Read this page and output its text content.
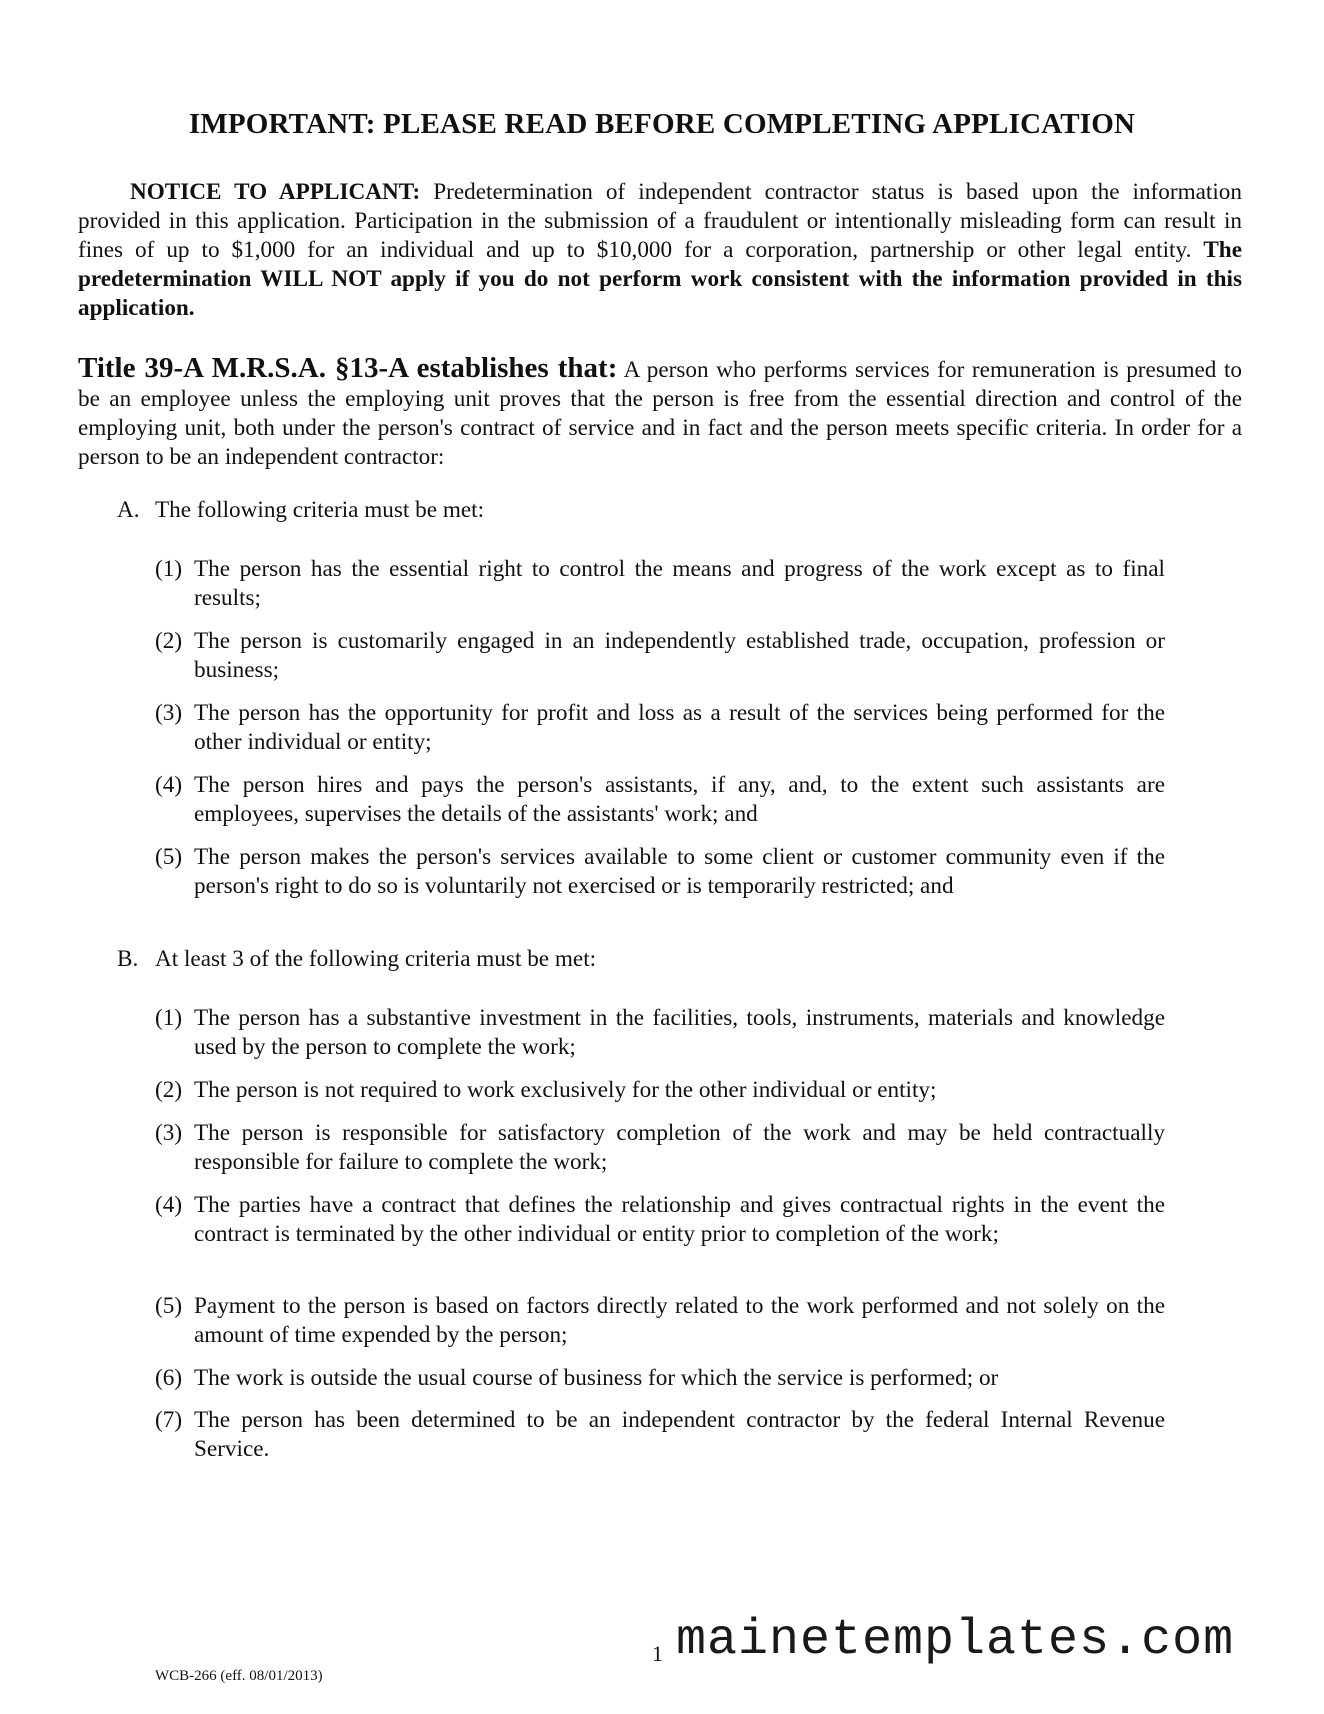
IMPORTANT: PLEASE READ BEFORE COMPLETING APPLICATION
NOTICE TO APPLICANT: Predetermination of independent contractor status is based upon the information provided in this application. Participation in the submission of a fraudulent or intentionally misleading form can result in fines of up to $1,000 for an individual and up to $10,000 for a corporation, partnership or other legal entity. The predetermination WILL NOT apply if you do not perform work consistent with the information provided in this application.
Title 39-A M.R.S.A. §13-A establishes that: A person who performs services for remuneration is presumed to be an employee unless the employing unit proves that the person is free from the essential direction and control of the employing unit, both under the person's contract of service and in fact and the person meets specific criteria. In order for a person to be an independent contractor:
A. The following criteria must be met:
(1) The person has the essential right to control the means and progress of the work except as to final results;
(2) The person is customarily engaged in an independently established trade, occupation, profession or business;
(3) The person has the opportunity for profit and loss as a result of the services being performed for the other individual or entity;
(4) The person hires and pays the person's assistants, if any, and, to the extent such assistants are employees, supervises the details of the assistants' work; and
(5) The person makes the person's services available to some client or customer community even if the person's right to do so is voluntarily not exercised or is temporarily restricted; and
B. At least 3 of the following criteria must be met:
(1) The person has a substantive investment in the facilities, tools, instruments, materials and knowledge used by the person to complete the work;
(2) The person is not required to work exclusively for the other individual or entity;
(3) The person is responsible for satisfactory completion of the work and may be held contractually responsible for failure to complete the work;
(4) The parties have a contract that defines the relationship and gives contractual rights in the event the contract is terminated by the other individual or entity prior to completion of the work;
(5) Payment to the person is based on factors directly related to the work performed and not solely on the amount of time expended by the person;
(6) The work is outside the usual course of business for which the service is performed; or
(7) The person has been determined to be an independent contractor by the federal Internal Revenue Service.
WCB-266 (eff. 08/01/2013)
1 mainetemplates.com
